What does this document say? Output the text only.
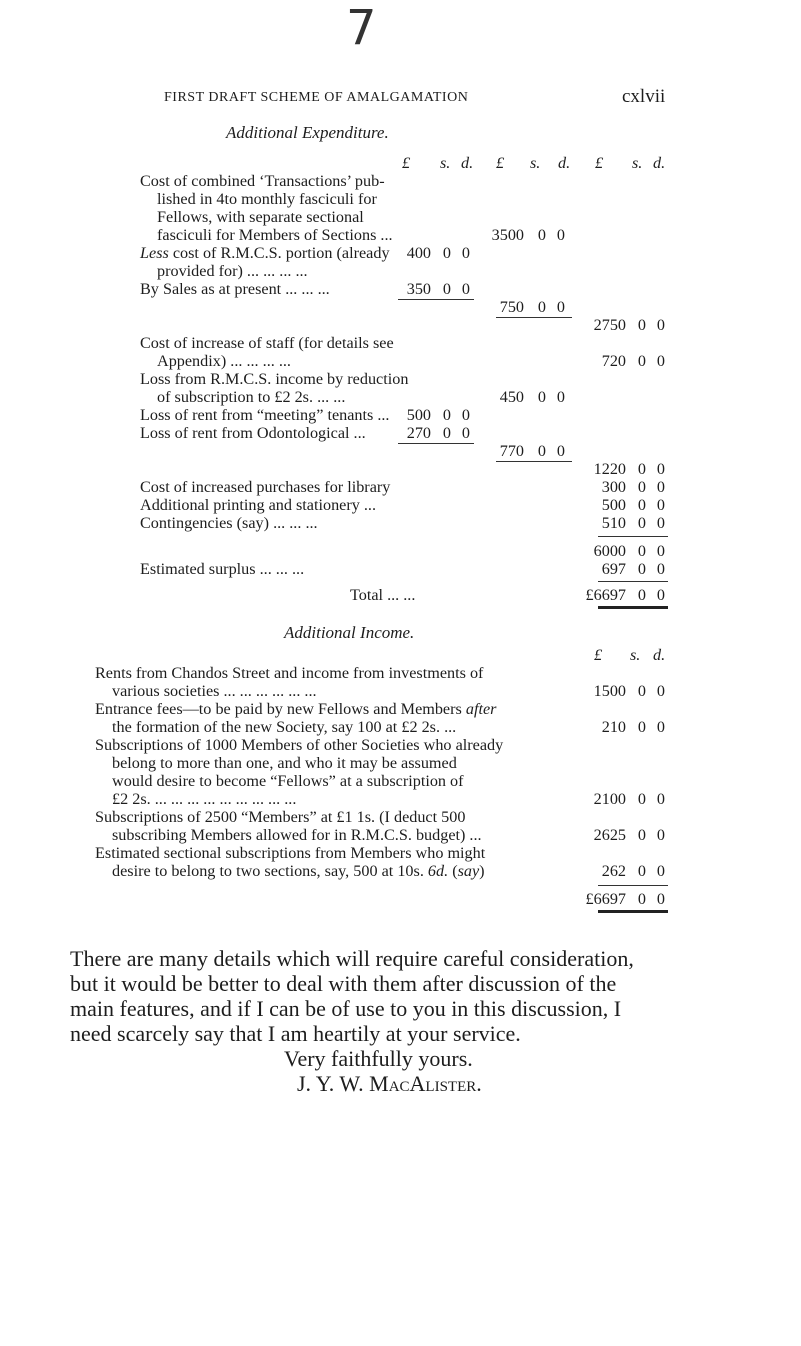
7
FIRST DRAFT SCHEME OF AMALGAMATION	cxlvii
Additional Expenditure.
£ s. d. £ s. d. £ s. d.
Cost of combined ‘Transactions’ pub-
lished in 4to monthly fasciculi for
Fellows, with separate sectional
fasciculi for Members of Sections ...
Less cost of R.M.C.S. portion (already
provided for) ... ... ... ...
By Sales as at present ... ... ...
Cost of increase of staff (for details see
Appendix) ... ... ... ...
Loss from R.M.C.S. income by reduction
of subscription to £2 2s. ... ...
Loss of rent from “meeting” tenants ...
Loss of rent from Odontological ...
Cost of increased purchases for library
Additional printing and stationery ...
Contingencies (say) ... ... ...
Estimated surplus ... ... ...
Total ... ...
400 0 0
350 0 0
500 0 0
270 0 0
3500 0 0
750 0 0
450 0 0
770 0 0
2750 0 0
720 0 0
1220 0 0
300 0 0
500 0 0
510 0 0
6000 0 0
697 0 0
£6697 0 0
Additional Income.
£ s. d.
Rents from Chandos Street and income from investments of
various societies ... ... ... ... ... ...
Entrance fees—to be paid by new Fellows and Members after
the formation of the new Society, say 100 at £2 2s. ...
Subscriptions of 1000 Members of other Societies who already
belong to more than one, and who it may be assumed
would desire to become “Fellows” at a subscription of
£2 2s. ... ... ... ... ... ... ... ... ...
Subscriptions of 2500 “Members” at £1 1s. (I deduct 500
subscribing Members allowed for in R.M.C.S. budget) ...
Estimated sectional subscriptions from Members who might
desire to belong to two sections, say, 500 at 10s. 6d. (say)
1500 0 0
210 0 0
2100 0 0
2625 0 0
262 0 0
£6697 0 0
There are many details which will require careful consideration,
but it would be better to deal with them after discussion of the
main features, and if I can be of use to you in this discussion, I
need scarcely say that I am heartily at your service.
Very faithfully yours.
J. Y. W. MacAlister.
